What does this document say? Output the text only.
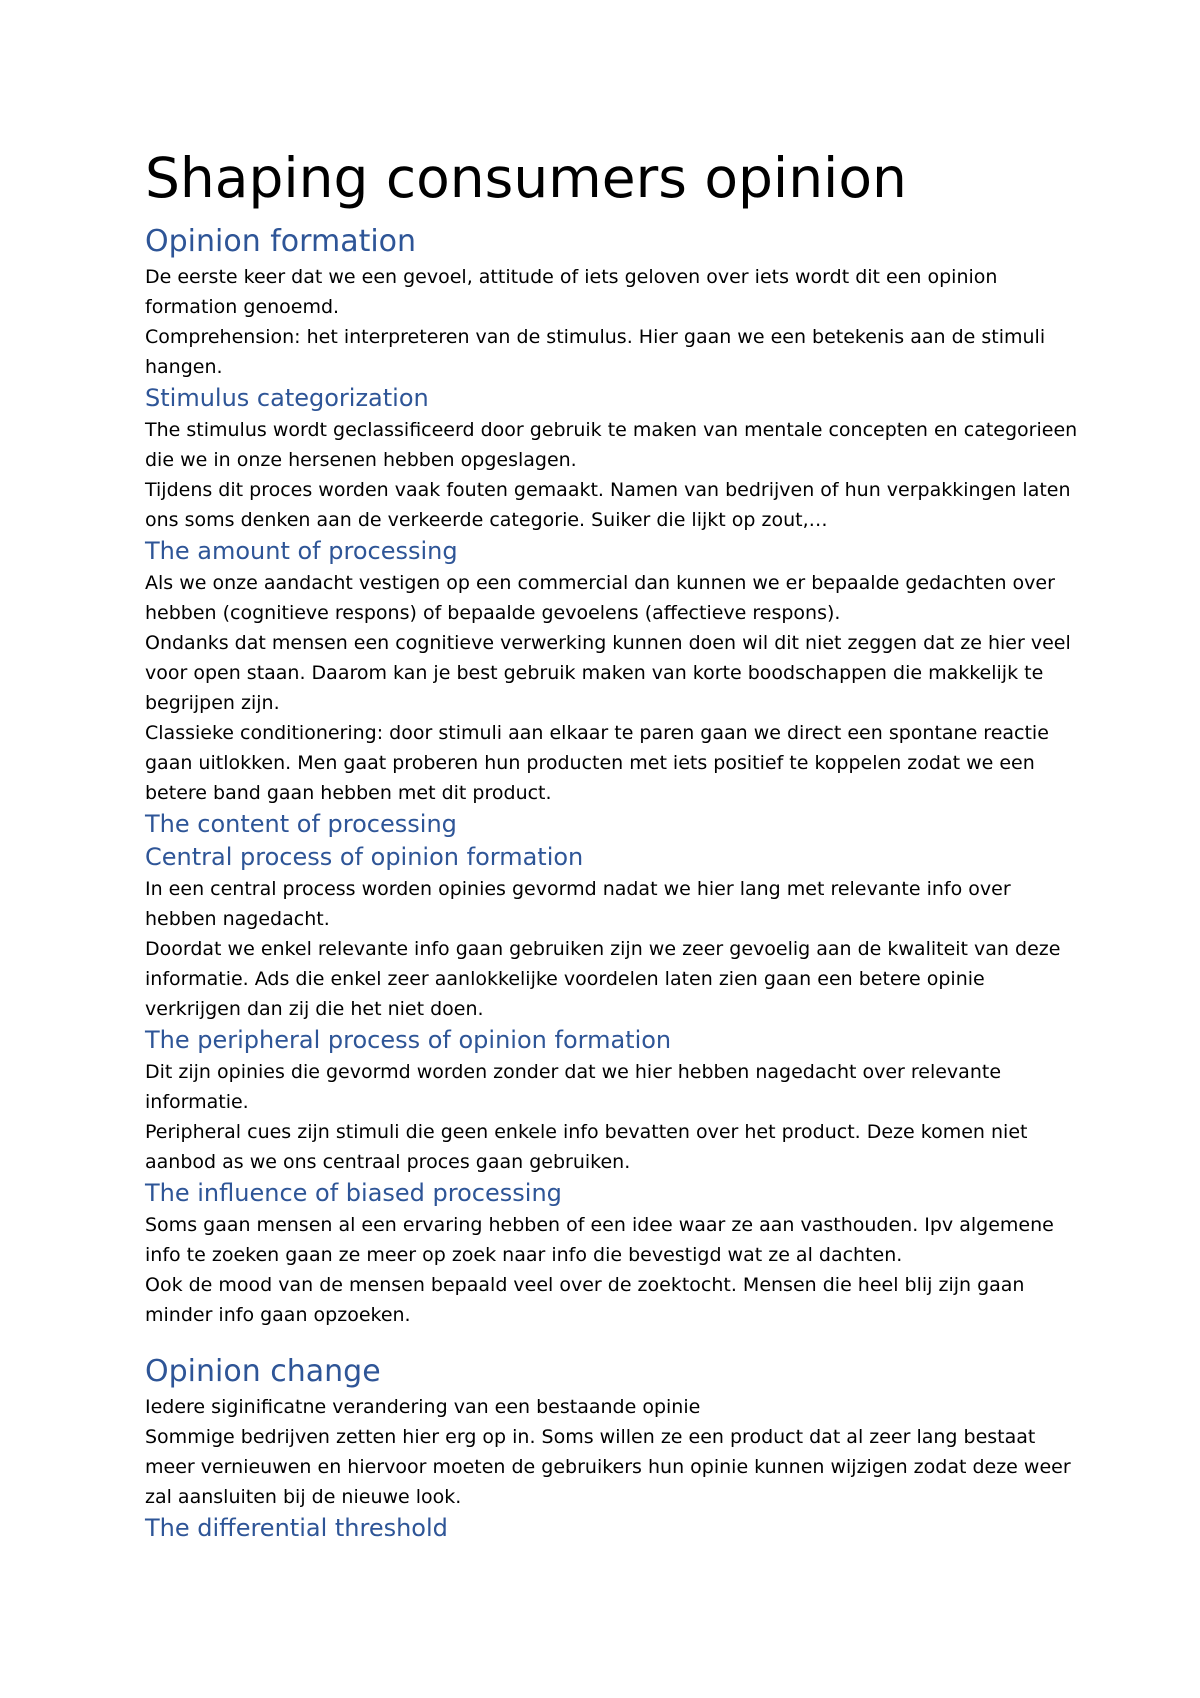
Shaping consumers opinion
Opinion formation

De eerste keer dat we een gevoel, attitude of iets geloven over iets wordt dit een opinion formation genoemd.

Comprehension: het interpreteren van de stimulus. Hier gaan we een betekenis aan de stimuli hangen.

Stimulus categorization

The stimulus wordt geclassificeerd door gebruik te maken van mentale concepten en categorieen die we in onze hersenen hebben opgeslagen.

Tijdens dit proces worden vaak fouten gemaakt. Namen van bedrijven of hun verpakkingen laten ons soms denken aan de verkeerde categorie. Suiker die lijkt op zout,…

The amount of processing

Als we onze aandacht vestigen op een commercial dan kunnen we er bepaalde gedachten over hebben (cognitieve respons) of bepaalde gevoelens (affectieve respons).

Ondanks dat mensen een cognitieve verwerking kunnen doen wil dit niet zeggen dat ze hier veel voor open staan. Daarom kan je best gebruik maken van korte boodschappen die makkelijk te begrijpen zijn.

Classieke conditionering: door stimuli aan elkaar te paren gaan we direct een spontane reactie gaan uitlokken. Men gaat proberen hun producten met iets positief te koppelen zodat we een betere band gaan hebben met dit product.

The content of processing
Central process of opinion formation

In een central process worden opinies gevormd nadat we hier lang met relevante info over hebben nagedacht.

Doordat we enkel relevante info gaan gebruiken zijn we zeer gevoelig aan de kwaliteit van deze informatie. Ads die enkel zeer aanlokkelijke voordelen laten zien gaan een betere opinie verkrijgen dan zij die het niet doen.

The peripheral process of opinion formation

Dit zijn opinies die gevormd worden zonder dat we hier hebben nagedacht over relevante informatie.

Peripheral cues zijn stimuli die geen enkele info bevatten over het product. Deze komen niet aanbod as we ons centraal proces gaan gebruiken.

The influence of biased processing

Soms gaan mensen al een ervaring hebben of een idee waar ze aan vasthouden. Ipv algemene info te zoeken gaan ze meer op zoek naar info die bevestigd wat ze al dachten.

Ook de mood van de mensen bepaald veel over de zoektocht. Mensen die heel blij zijn gaan minder info gaan opzoeken.

Opinion change

Iedere siginificatne verandering van een bestaande opinie

Sommige bedrijven zetten hier erg op in. Soms willen ze een product dat al zeer lang bestaat meer vernieuwen en hiervoor moeten de gebruikers hun opinie kunnen wijzigen zodat deze weer zal aansluiten bij de nieuwe look.

The differential threshold
